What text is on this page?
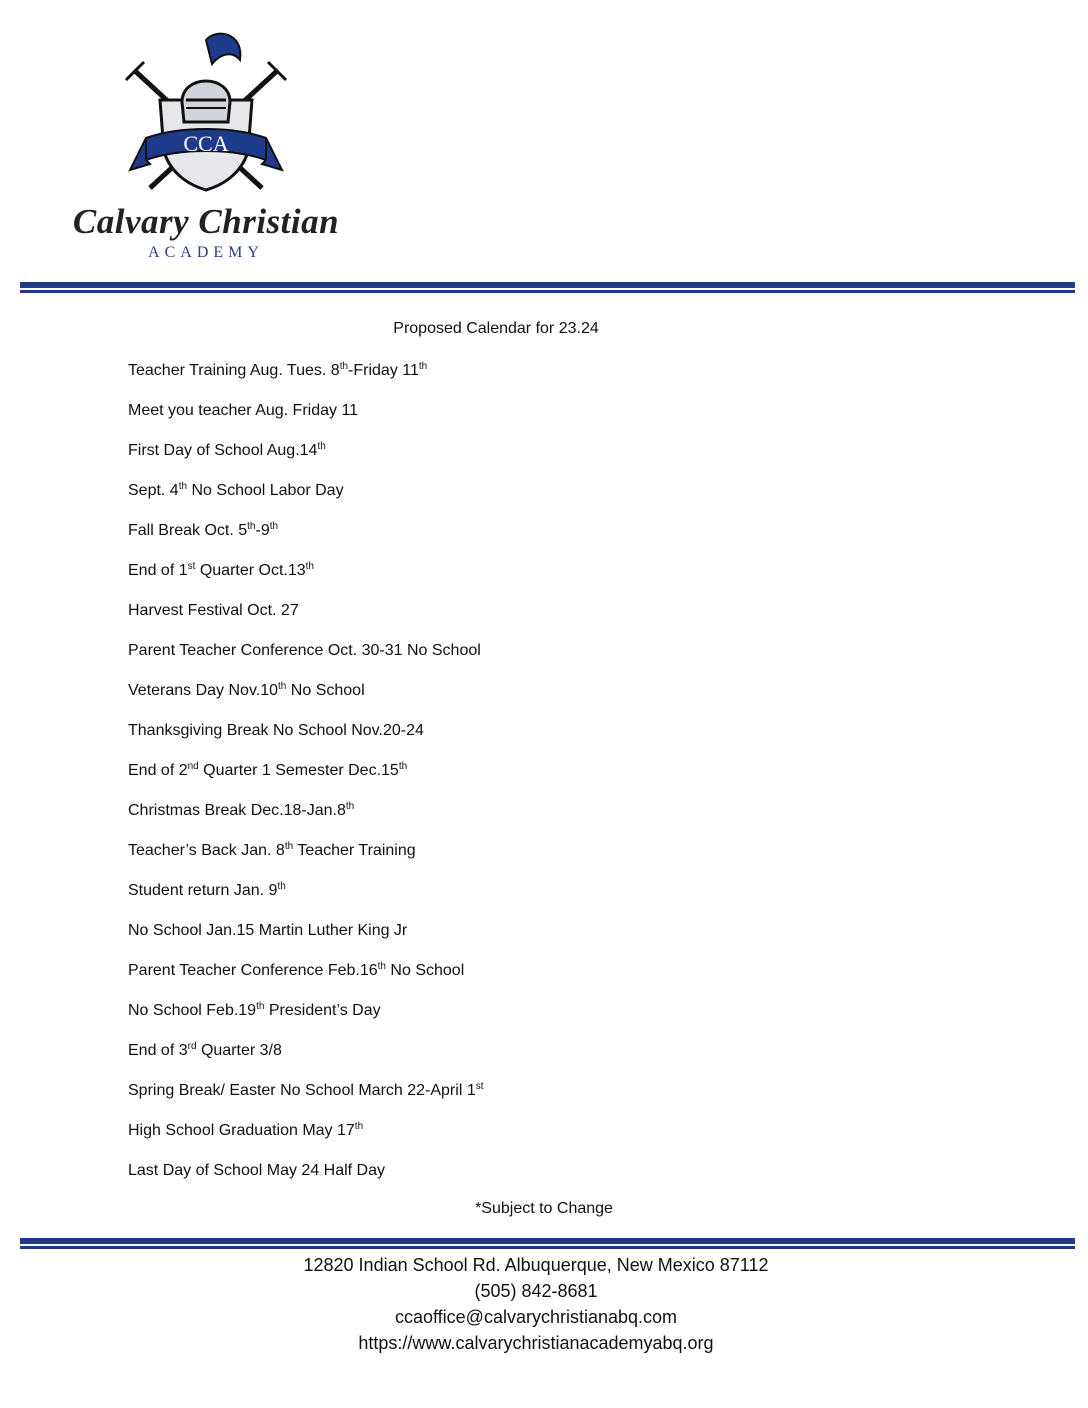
CCA
Calvary Christian
ACADEMY
Proposed Calendar for 23.24
Teacher Training Aug. Tues. 8th-Friday 11th
Meet you teacher Aug. Friday 11
First Day of School Aug.14th
Sept. 4th No School Labor Day
Fall Break Oct. 5th-9th
End of 1st Quarter Oct.13th
Harvest Festival Oct. 27
Parent Teacher Conference Oct. 30-31 No School
Veterans Day Nov.10th No School
Thanksgiving Break No School Nov.20-24
End of 2nd Quarter 1 Semester Dec.15th
Christmas Break Dec.18-Jan.8th
Teacher’s Back Jan. 8th Teacher Training
Student return Jan. 9th
No School Jan.15 Martin Luther King Jr
Parent Teacher Conference Feb.16th No School
No School Feb.19th President’s Day
End of 3rd Quarter 3/8
Spring Break/ Easter No School March 22-April 1st
High School Graduation May 17th
Last Day of School May 24 Half Day
*Subject to Change
12820 Indian School Rd. Albuquerque, New Mexico 87112
(505) 842-8681
ccaoffice@calvarychristianabq.com
https://www.calvarychristianacademyabq.org
